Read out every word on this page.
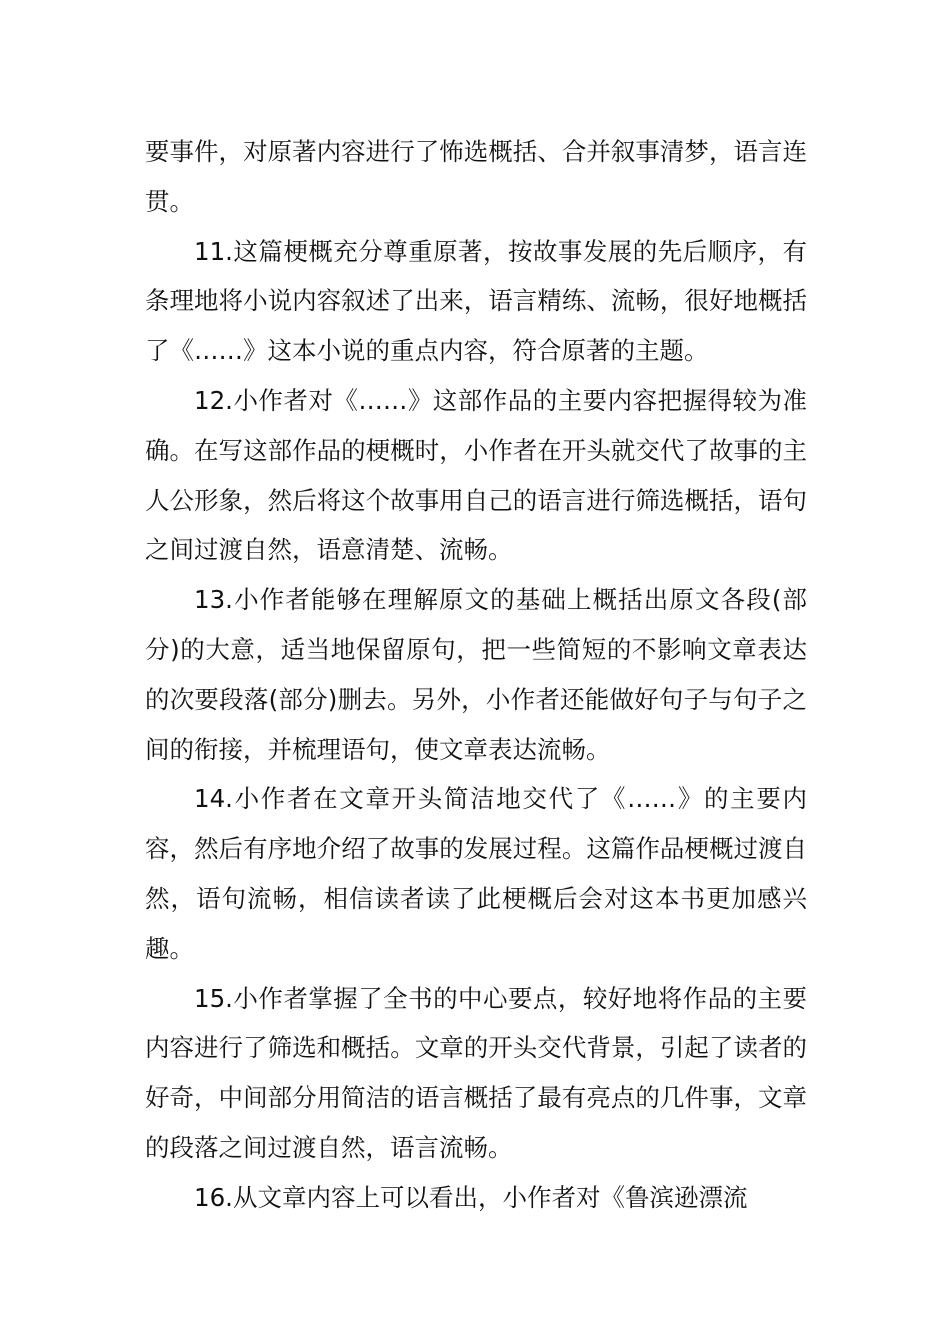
要事件，对原著内容进行了怖选概括、合并叙事清梦，语言连贯。

11.这篇梗概充分尊重原著，按故事发展的先后顺序，有条理地将小说内容叙述了出来，语言精练、流畅，很好地概括了《……》这本小说的重点内容，符合原著的主题。

12.小作者对《……》这部作品的主要内容把握得较为准确。在写这部作品的梗概时，小作者在开头就交代了故事的主人公形象，然后将这个故事用自己的语言进行筛选概括，语句之间过渡自然，语意清楚、流畅。

13.小作者能够在理解原文的基础上概括出原文各段(部分)的大意，适当地保留原句，把一些简短的不影响文章表达的次要段落(部分)删去。另外，小作者还能做好句子与句子之间的衔接，并梳理语句，使文章表达流畅。

14.小作者在文章开头简洁地交代了《……》的主要内容，然后有序地介绍了故事的发展过程。这篇作品梗概过渡自然，语句流畅，相信读者读了此梗概后会对这本书更加感兴趣。

15.小作者掌握了全书的中心要点，较好地将作品的主要内容进行了筛选和概括。文章的开头交代背景，引起了读者的好奇，中间部分用简洁的语言概括了最有亮点的几件事，文章的段落之间过渡自然，语言流畅。

16.从文章内容上可以看出，小作者对《鲁滨逊漂流
